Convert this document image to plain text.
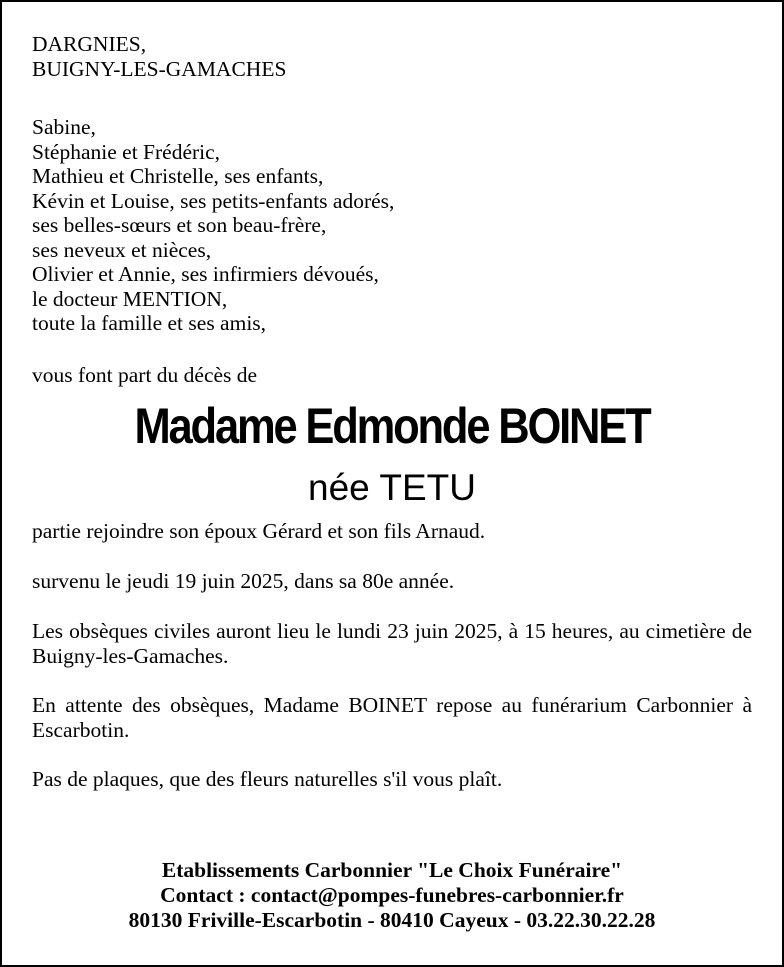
DARGNIES,
BUIGNY-LES-GAMACHES
Sabine,
Stéphanie et Frédéric,
Mathieu et Christelle, ses enfants,
Kévin et Louise, ses petits-enfants adorés,
ses belles-sœurs et son beau-frère,
ses neveux et nièces,
Olivier et Annie, ses infirmiers dévoués,
le docteur MENTION,
toute la famille et ses amis,

vous font part du décès de

Madame Edmonde BOINET

née TETU

partie rejoindre son époux Gérard et son fils Arnaud.

survenu le jeudi 19 juin 2025, dans sa 80e année.

Les obsèques civiles auront lieu le lundi 23 juin 2025, à 15 heures, au cimetière de Buigny-les-Gamaches.

En attente des obsèques, Madame BOINET repose au funérarium Carbonnier à Escarbotin.

Pas de plaques, que des fleurs naturelles s'il vous plaît.

Etablissements Carbonnier "Le Choix Funéraire"
Contact : contact@pompes-funebres-carbonnier.fr
80130 Friville-Escarbotin - 80410 Cayeux - 03.22.30.22.28
